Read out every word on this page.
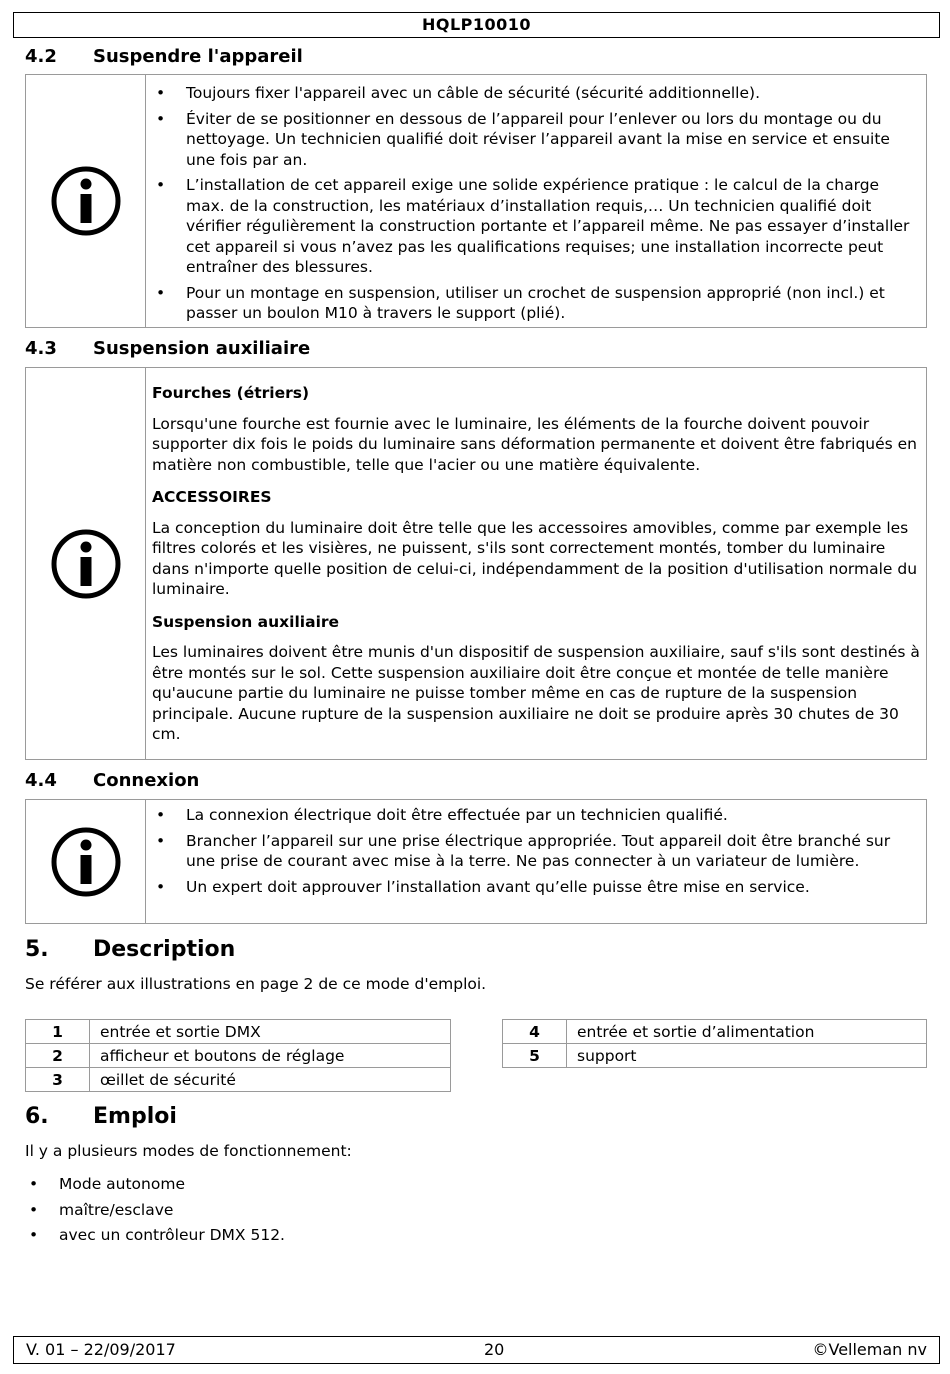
HQLP10010
4.2 Suspendre l'appareil
• Toujours fixer l'appareil avec un câble de sécurité (sécurité additionnelle).
• Éviter de se positionner en dessous de l’appareil pour l’enlever ou lors du montage ou du nettoyage. Un technicien qualifié doit réviser l’appareil avant la mise en service et ensuite une fois par an.
• L’installation de cet appareil exige une solide expérience pratique : le calcul de la charge max. de la construction, les matériaux d’installation requis,… Un technicien qualifié doit vérifier régulièrement la construction portante et l’appareil même. Ne pas essayer d’installer cet appareil si vous n’avez pas les qualifications requises; une installation incorrecte peut entraîner des blessures.
• Pour un montage en suspension, utiliser un crochet de suspension approprié (non incl.) et passer un boulon M10 à travers le support (plié).
4.3 Suspension auxiliaire
Fourches (étriers)
Lorsqu'une fourche est fournie avec le luminaire, les éléments de la fourche doivent pouvoir supporter dix fois le poids du luminaire sans déformation permanente et doivent être fabriqués en matière non combustible, telle que l'acier ou une matière équivalente.
ACCESSOIRES
La conception du luminaire doit être telle que les accessoires amovibles, comme par exemple les filtres colorés et les visières, ne puissent, s'ils sont correctement montés, tomber du luminaire dans n'importe quelle position de celui-ci, indépendamment de la position d'utilisation normale du luminaire.
Suspension auxiliaire
Les luminaires doivent être munis d'un dispositif de suspension auxiliaire, sauf s'ils sont destinés à être montés sur le sol. Cette suspension auxiliaire doit être conçue et montée de telle manière qu'aucune partie du luminaire ne puisse tomber même en cas de rupture de la suspension principale. Aucune rupture de la suspension auxiliaire ne doit se produire après 30 chutes de 30 cm.
4.4 Connexion
• La connexion électrique doit être effectuée par un technicien qualifié.
• Brancher l’appareil sur une prise électrique appropriée. Tout appareil doit être branché sur une prise de courant avec mise à la terre. Ne pas connecter à un variateur de lumière.
• Un expert doit approuver l’installation avant qu’elle puisse être mise en service.
5. Description
Se référer aux illustrations en page 2 de ce mode d'emploi.
1	entrée et sortie DMX
2	afficheur et boutons de réglage
3	œillet de sécurité
4	entrée et sortie d’alimentation
5	support
6. Emploi
Il y a plusieurs modes de fonctionnement:
• Mode autonome
• maître/esclave
• avec un contrôleur DMX 512.
V. 01 – 22/09/2017	20	©Velleman nv
